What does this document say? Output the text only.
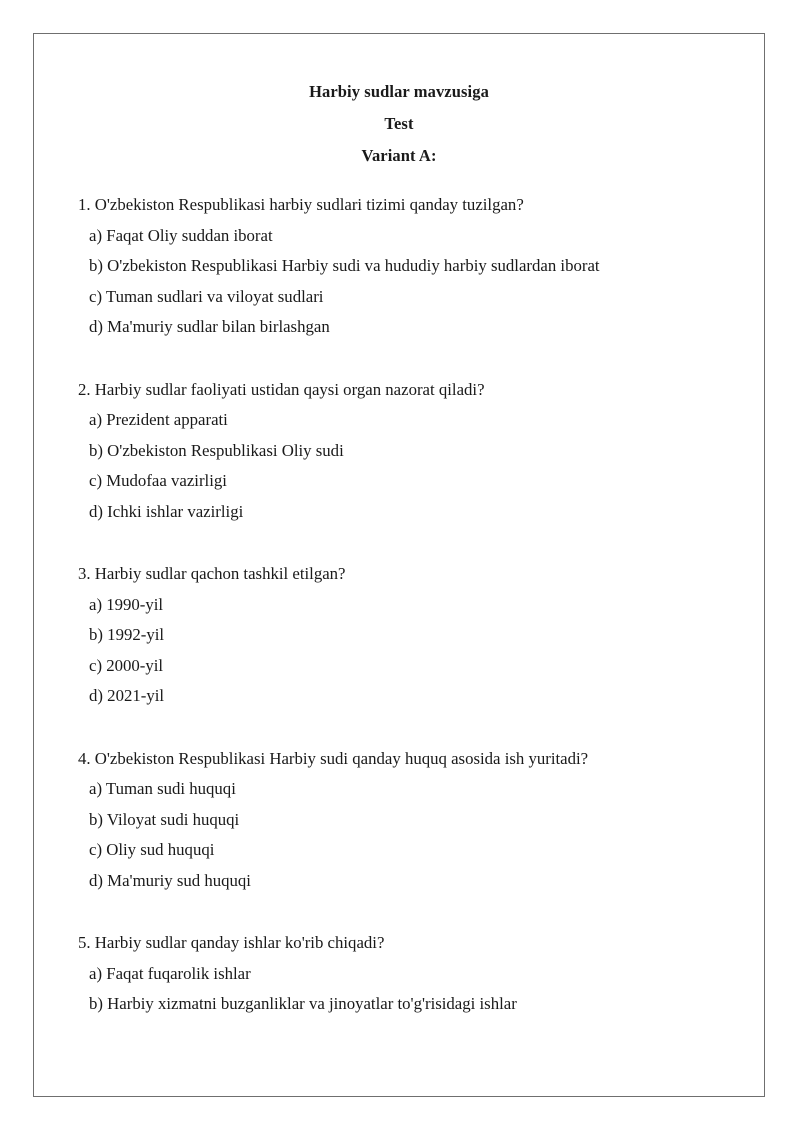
Harbiy sudlar mavzusiga
Test
Variant A:
1. O'zbekiston Respublikasi harbiy sudlari tizimi qanday tuzilgan?
a) Faqat Oliy suddan iborat
b) O'zbekiston Respublikasi Harbiy sudi va hududiy harbiy sudlardan iborat
c) Tuman sudlari va viloyat sudlari
d) Ma'muriy sudlar bilan birlashgan
2. Harbiy sudlar faoliyati ustidan qaysi organ nazorat qiladi?
a) Prezident apparati
b) O'zbekiston Respublikasi Oliy sudi
c) Mudofaa vazirligi
d) Ichki ishlar vazirligi
3. Harbiy sudlar qachon tashkil etilgan?
a) 1990-yil
b) 1992-yil
c) 2000-yil
d) 2021-yil
4. O'zbekiston Respublikasi Harbiy sudi qanday huquq asosida ish yuritadi?
a) Tuman sudi huquqi
b) Viloyat sudi huquqi
c) Oliy sud huquqi
d) Ma'muriy sud huquqi
5. Harbiy sudlar qanday ishlar ko'rib chiqadi?
a) Faqat fuqarolik ishlar
b) Harbiy xizmatni buzganliklar va jinoyatlar to'g'risidagi ishlar
